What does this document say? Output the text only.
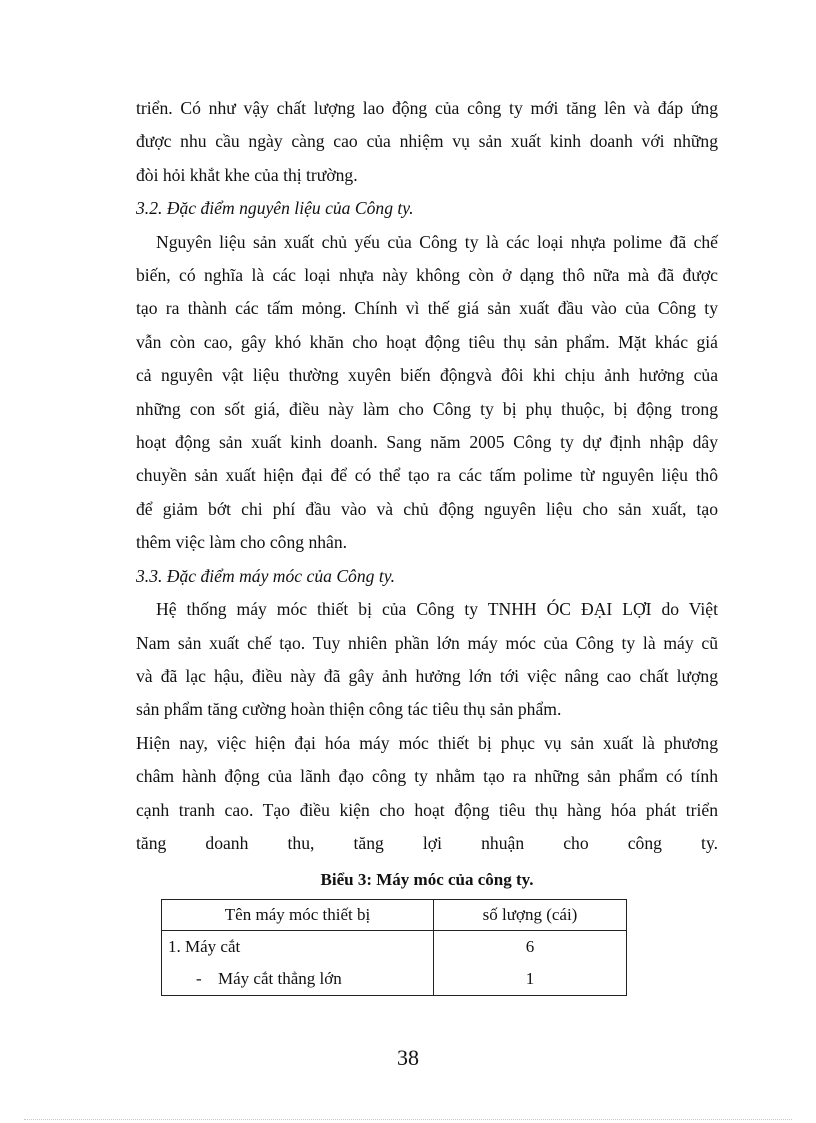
triển. Có như vậy chất lượng lao động của công ty mới tăng lên và đáp ứng

được nhu cầu ngày càng cao của nhiệm vụ sản xuất kinh doanh với những

đòi hỏi khắt khe của thị trường.

3.2. Đặc điểm nguyên liệu của Công ty.

Nguyên liệu sản xuất chủ yếu của Công ty là các loại nhựa polime đã chế

biến, có nghĩa là các loại nhựa này không còn ở dạng thô nữa mà đã được

tạo ra thành các tấm mỏng. Chính vì thế giá sản xuất đầu vào của Công ty

vẫn còn cao, gây khó khăn cho hoạt động tiêu thụ sản phẩm. Mặt khác giá

cả nguyên vật liệu thường xuyên biến độngvà đôi khi chịu ảnh hưởng của

những con sốt giá, điều này làm cho Công ty bị phụ thuộc, bị động trong

hoạt động sản xuất kinh doanh. Sang năm 2005 Công ty dự định nhập dây

chuyền sản xuất hiện đại để có thể tạo ra các tấm polime từ nguyên liệu thô

để giảm bớt chi phí đầu vào và chủ động nguyên liệu cho sản xuất, tạo

thêm việc làm cho công nhân.

3.3. Đặc điểm máy móc của Công ty.

Hệ thống máy móc thiết bị của Công ty TNHH ÓC ĐẠI LỢI do Việt

Nam sản xuất chế tạo. Tuy nhiên phần lớn máy móc của Công ty là máy cũ

và đã lạc hậu, điều này đã gây ảnh hưởng lớn tới việc nâng cao chất lượng

sản phẩm tăng cường hoàn thiện công tác tiêu thụ sản phẩm.

Hiện nay, việc hiện đại hóa máy móc thiết bị phục vụ sản xuất là phương

châm hành động của lãnh đạo công ty nhằm tạo ra những sản phẩm có tính

cạnh tranh cao. Tạo điều kiện cho hoạt động tiêu thụ hàng hóa phát triển

tăng doanh thu, tăng lợi nhuận cho công ty.

Biểu 3: Máy móc của công ty.
Tên máy móc thiết bị	số lượng (cái)
1. Máy cắt	6
- Máy cắt thẳng lớn	1
38
